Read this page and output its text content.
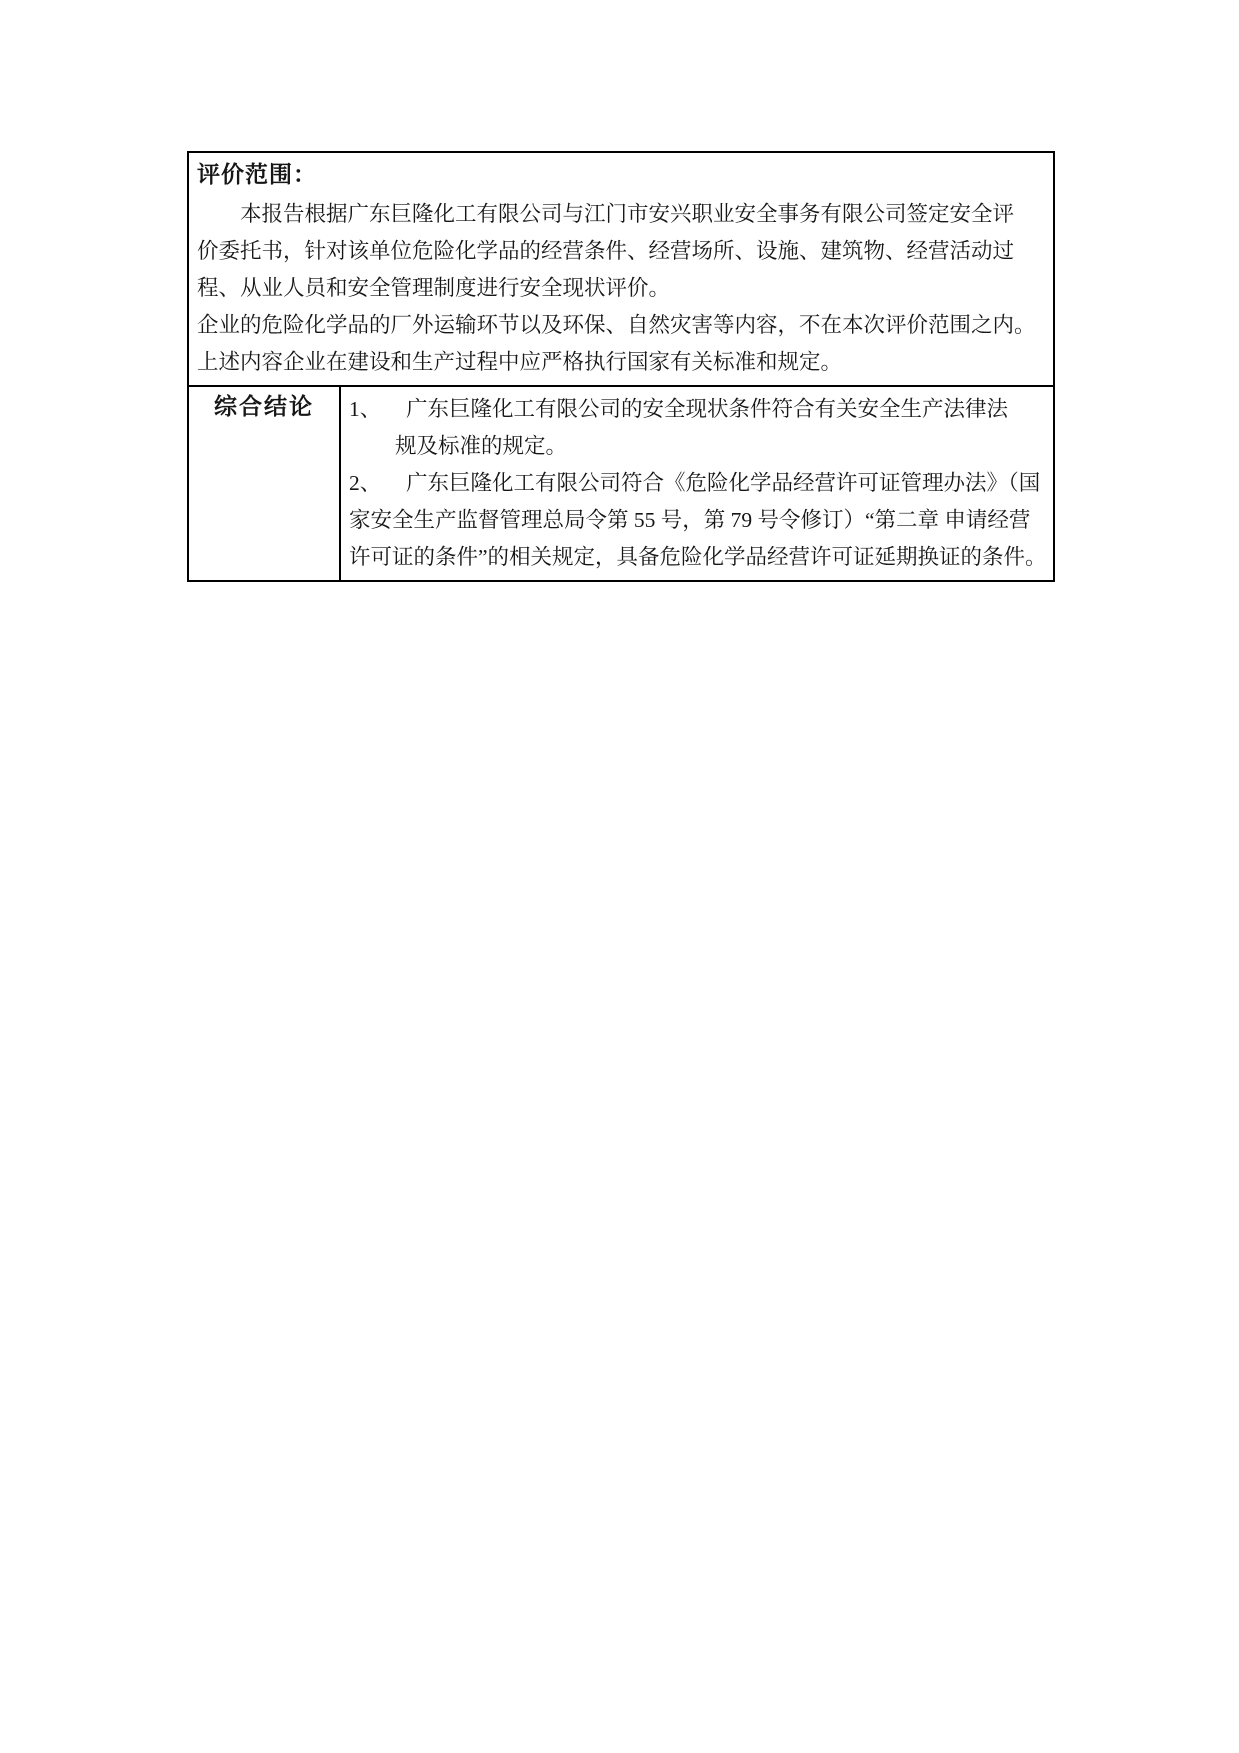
评价范围：
本报告根据广东巨隆化工有限公司与江门市安兴职业安全事务有限公司签定安全评
价委托书，针对该单位危险化学品的经营条件、经营场所、设施、建筑物、经营活动过
程、从业人员和安全管理制度进行安全现状评价。
企业的危险化学品的厂外运输环节以及环保、自然灾害等内容，不在本次评价范围之内。
上述内容企业在建设和生产过程中应严格执行国家有关标准和规定。

综合结论	1、 广东巨隆化工有限公司的安全现状条件符合有关安全生产法律法
规及标准的规定。
2、 广东巨隆化工有限公司符合《危险化学品经营许可证管理办法》（国
家安全生产监督管理总局令第 55 号，第 79 号令修订）“第二章 申请经营
许可证的条件”的相关规定，具备危险化学品经营许可证延期换证的条件。
